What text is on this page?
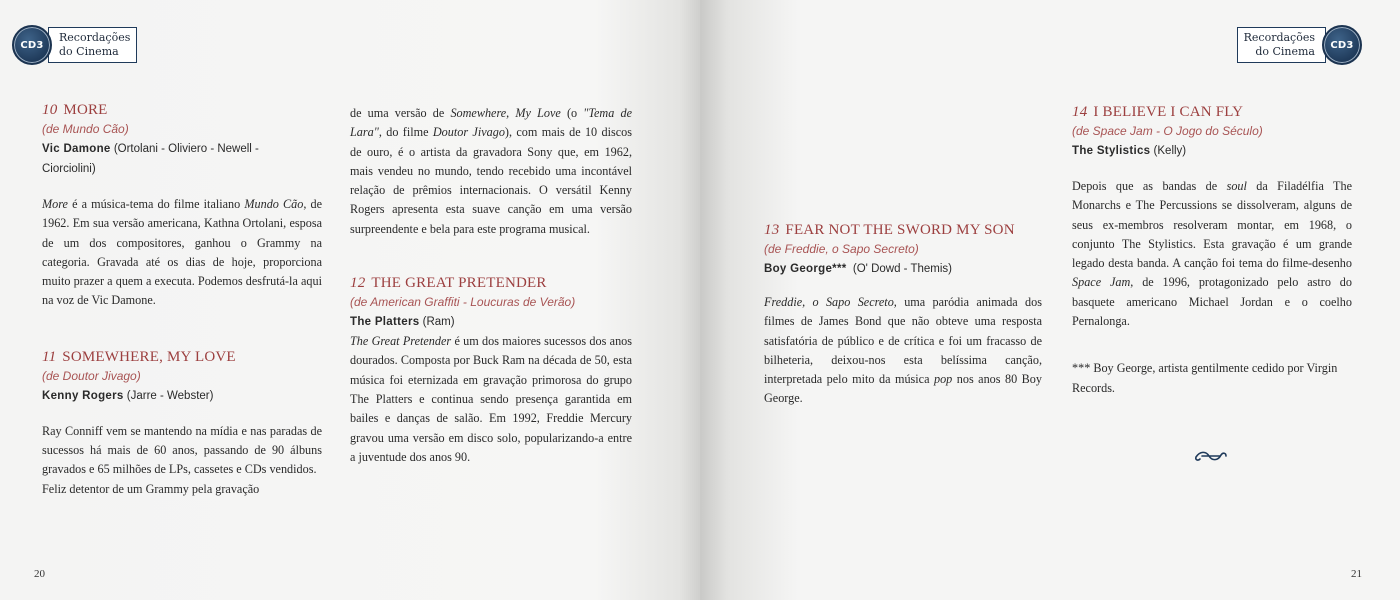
CD3
Recordações
do Cinema
10 MORE
(de Mundo Cão)
Vic Damone (Ortolani - Oliviero - Newell -
Ciorciolini)

More é a música-tema do filme italiano Mundo Cão, de 1962. Em sua versão americana, Kathna Ortolani, esposa de um dos compositores, ganhou o Grammy na categoria. Gravada até os dias de hoje, proporciona muito prazer a quem a executa. Podemos desfrutá-la aqui na voz de Vic Damone.

11 SOMEWHERE, MY LOVE
(de Doutor Jivago)
Kenny Rogers (Jarre - Webster)

Ray Conniff vem se mantendo na mídia e nas paradas de sucessos há mais de 60 anos, passando de 90 álbuns gravados e 65 milhões de LPs, cassetes e CDs vendidos.

Feliz detentor de um Grammy pela gravação

de uma versão de Somewhere, My Love (o "Tema de Lara", do filme Doutor Jivago), com mais de 10 discos de ouro, é o artista da gravadora Sony que, em 1962, mais vendeu no mundo, tendo recebido uma incontável relação de prêmios internacionais. O versátil Kenny Rogers apresenta esta suave canção em uma versão surpreendente e bela para este programa musical.

12 THE GREAT PRETENDER
(de American Graffiti - Loucuras de Verão)
The Platters (Ram)

The Great Pretender é um dos maiores sucessos dos anos dourados. Composta por Buck Ram na década de 50, esta música foi eternizada em gravação primorosa do grupo The Platters e continua sendo presença garantida em bailes e danças de salão. Em 1992, Freddie Mercury gravou uma versão em disco solo, popularizando-a entre a juventude dos anos 90.

20
CD3
Recordações
do Cinema
13 FEAR NOT THE SWORD MY SON
(de Freddie, o Sapo Secreto)
Boy George*** (O' Dowd - Themis)

Freddie, o Sapo Secreto, uma paródia animada dos filmes de James Bond que não obteve uma resposta satisfatória de público e de crítica e foi um fracasso de bilheteria, deixou-nos esta belíssima canção, interpretada pelo mito da música pop nos anos 80 Boy George.

14 I BELIEVE I CAN FLY
(de Space Jam - O Jogo do Século)
The Stylistics (Kelly)

Depois que as bandas de soul da Filadélfia The Monarchs e The Percussions se dissolveram, alguns de seus ex-membros resolveram montar, em 1968, o conjunto The Stylistics. Esta gravação é um grande legado desta banda. A canção foi tema do filme-desenho Space Jam, de 1996, protagonizado pelo astro do basquete americano Michael Jordan e o coelho Pernalonga.

*** Boy George, artista gentilmente cedido por Virgin Records.

21
